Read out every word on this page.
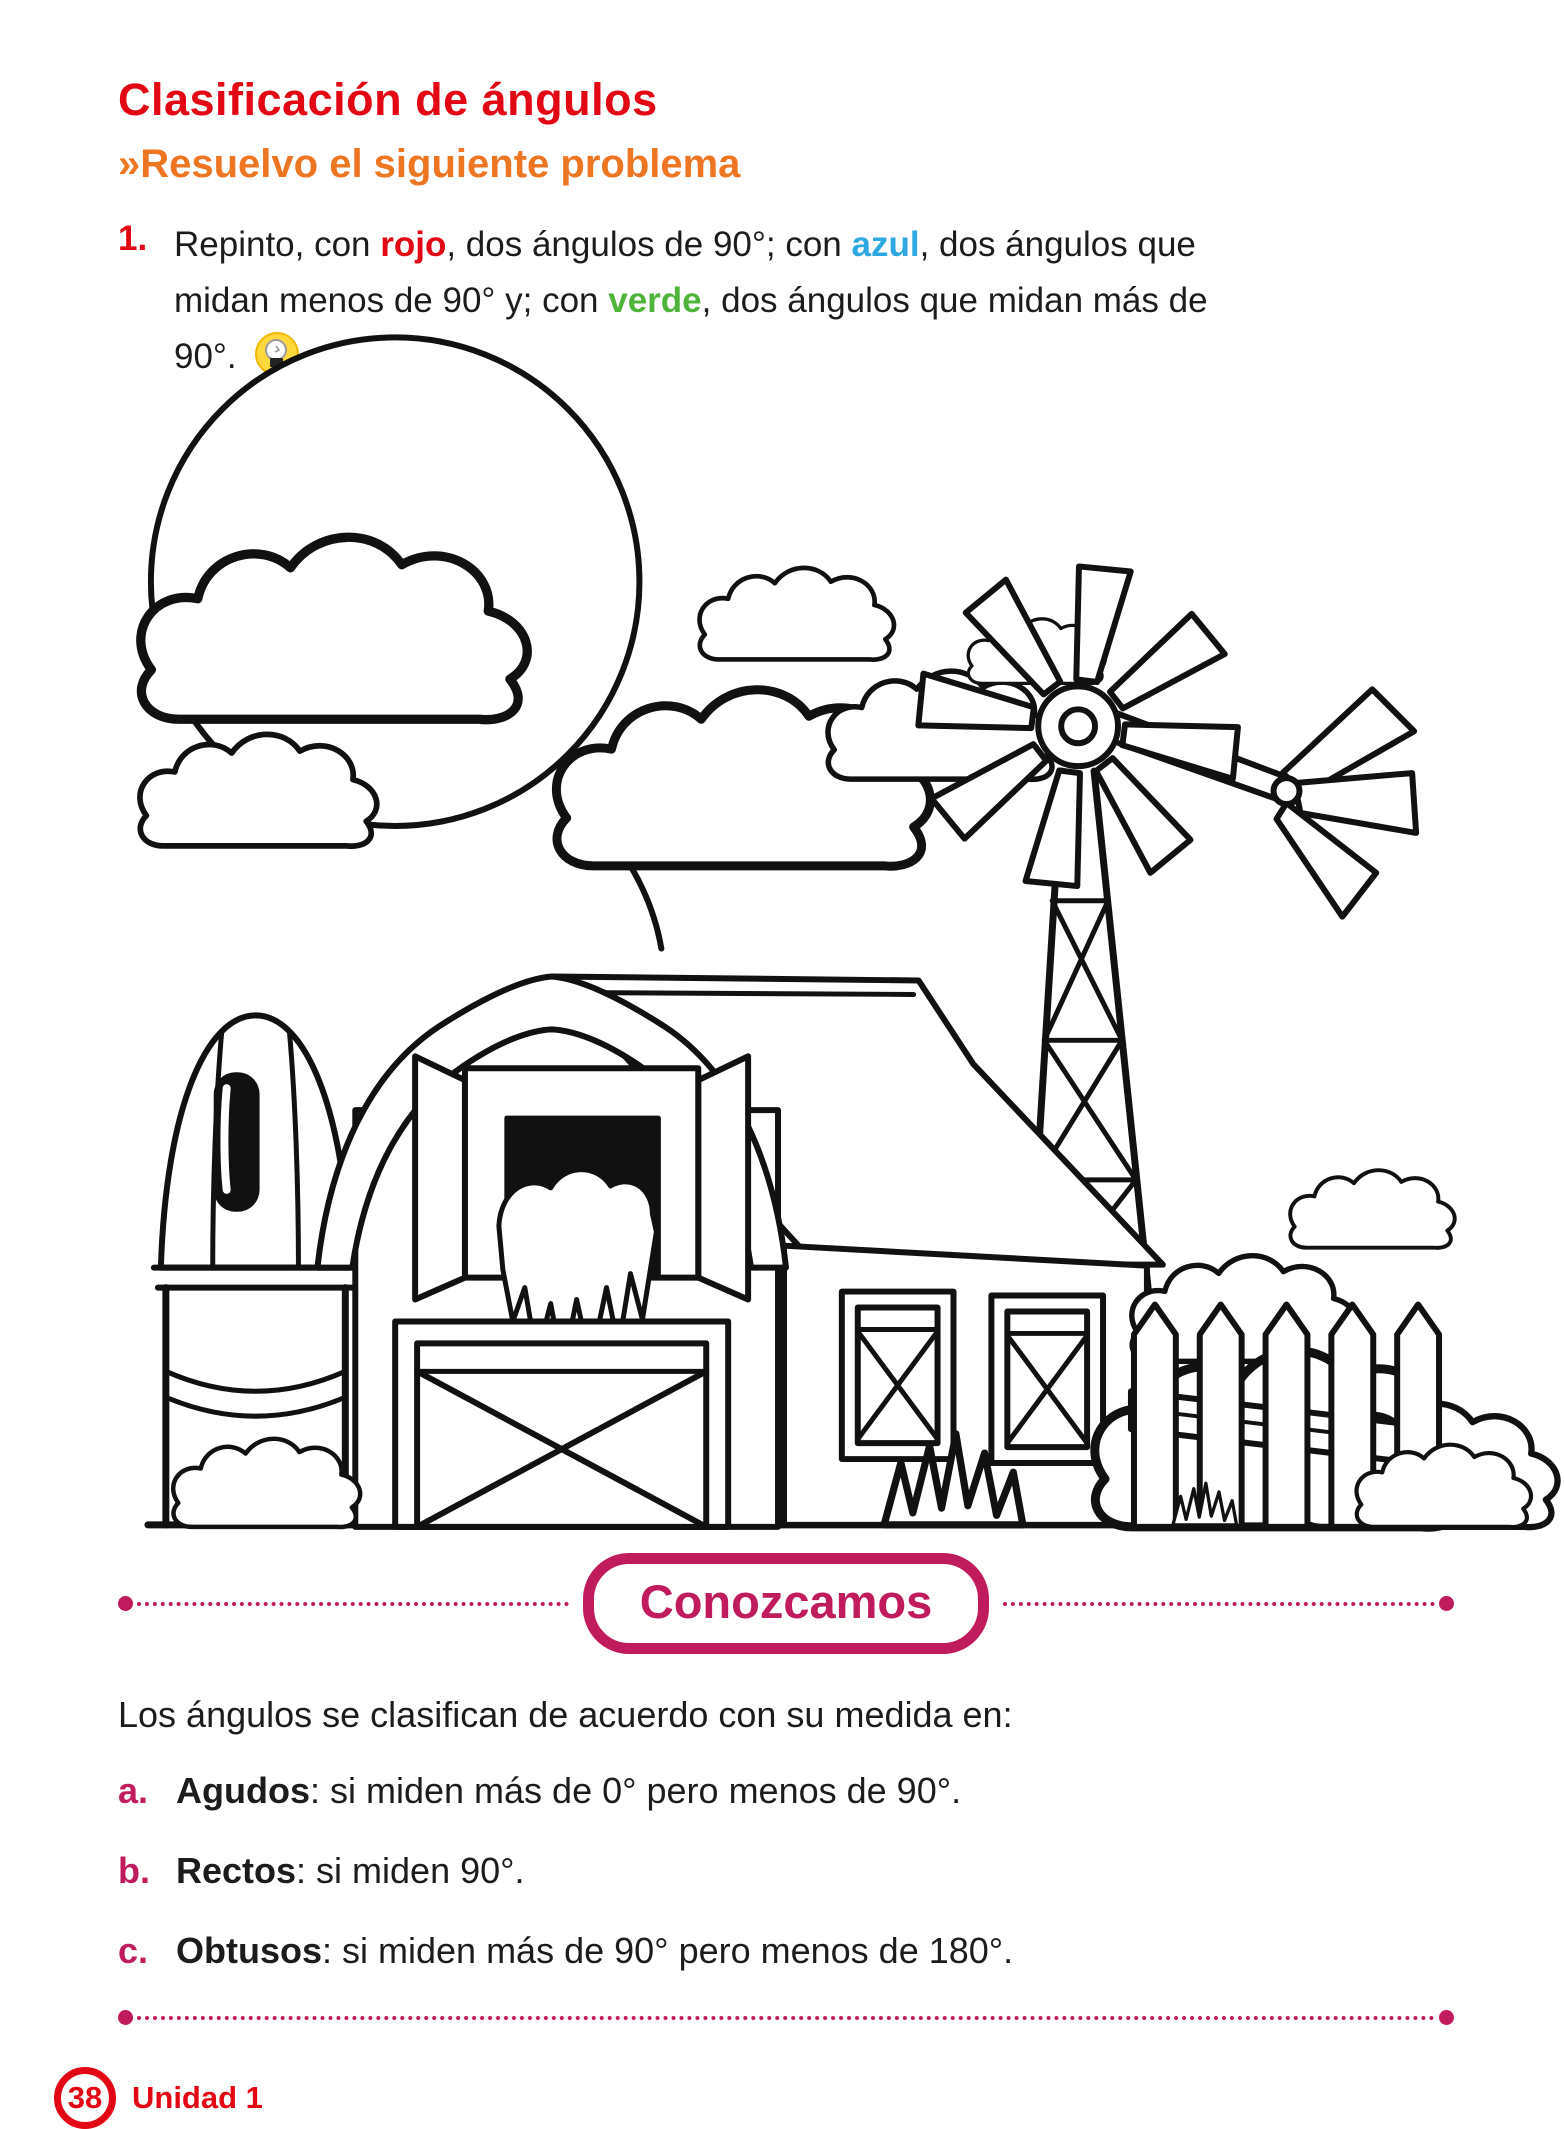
Clasificación de ángulos
»Resuelvo el siguiente problema
1. Repinto, con rojo, dos ángulos de 90°; con azul, dos ángulos que midan menos de 90° y; con verde, dos ángulos que midan más de 90°.

Conozcamos

Los ángulos se clasifican de acuerdo con su medida en:

a. Agudos: si miden más de 0° pero menos de 90°.
b. Rectos: si miden 90°.
c. Obtusos: si miden más de 90° pero menos de 180°.
38 Unidad 1
